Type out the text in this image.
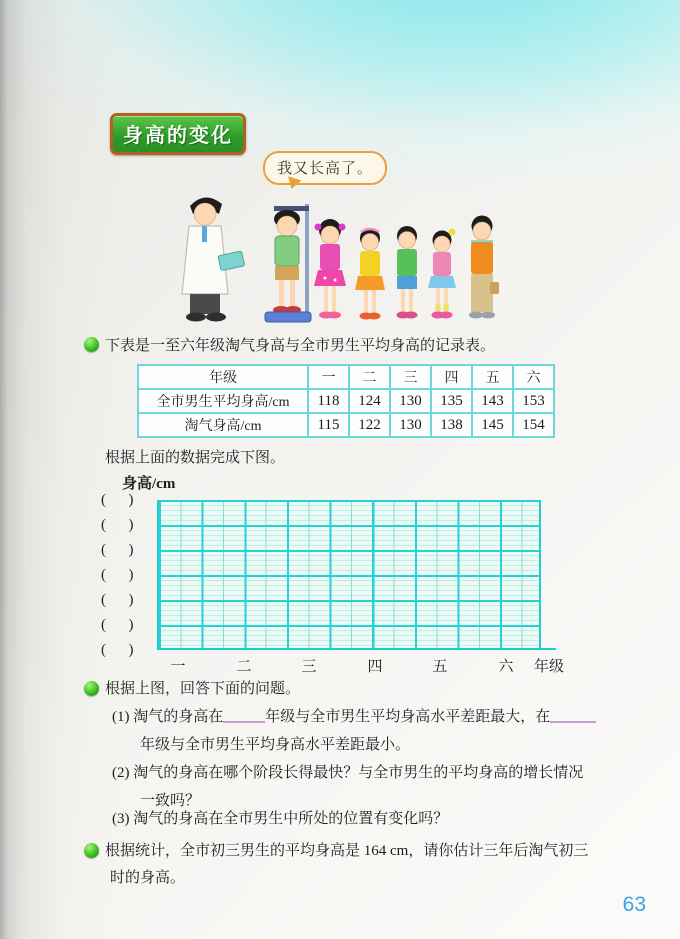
身高的变化
我又长高了。
下表是一至六年级淘气身高与全市男生平均身高的记录表。
年级	一	二	三	四	五	六
全市男生平均身高/cm	118	124	130	135	143	153
淘气身高/cm	115	122	130	138	145	154
根据上面的数据完成下图。
身高/cm
(      )
(      )
(      )
(      )
(      )
(      )
(      )
一	二	三	四	五	六	年级
根据上图，回答下面的问题。
(1) 淘气的身高在	年级与全市男生平均身高水平差距最大，在
年级与全市男生平均身高水平差距最小。
(2) 淘气的身高在哪个阶段长得最快？与全市男生的平均身高的增长情况
一致吗？
(3) 淘气的身高在全市男生中所处的位置有变化吗？
根据统计，全市初三男生的平均身高是 164 cm，请你估计三年后淘气初三
时的身高。
63
